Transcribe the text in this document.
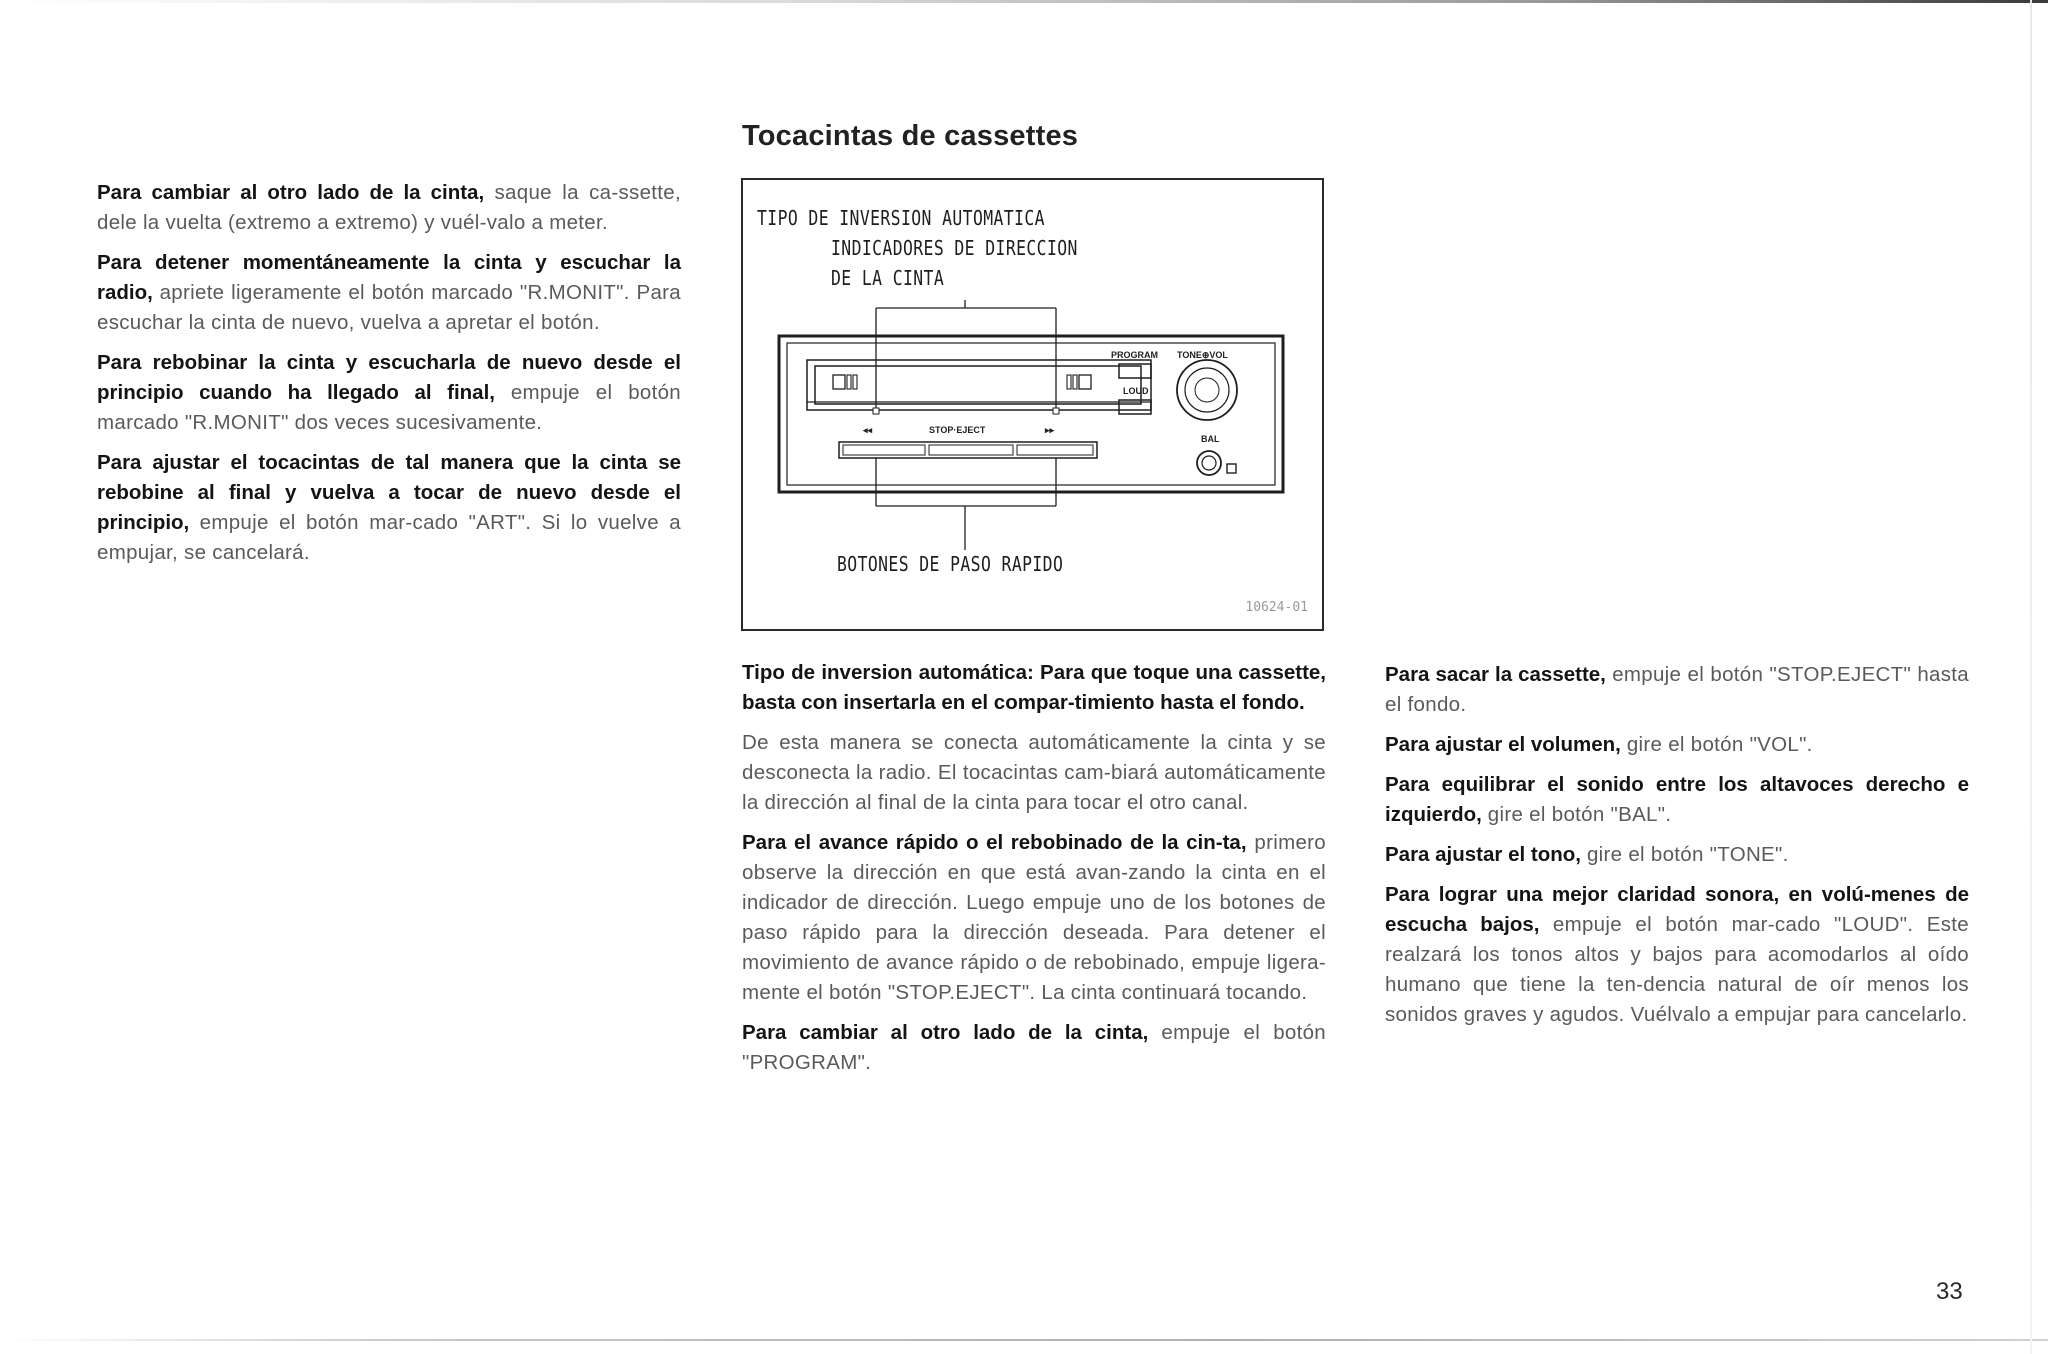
Para cambiar al otro lado de la cinta, saque la ca-ssette, dele la vuelta (extremo a extremo) y vuél-valo a meter.

Para detener momentáneamente la cinta y escuchar la radio, apriete ligeramente el botón marcado "R.MONIT". Para escuchar la cinta de nuevo, vuelva a apretar el botón.

Para rebobinar la cinta y escucharla de nuevo desde el principio cuando ha llegado al final, empuje el botón marcado "R.MONIT" dos veces sucesivamente.

Para ajustar el tocacintas de tal manera que la cinta se rebobine al final y vuelva a tocar de nuevo desde el principio, empuje el botón mar-cado "ART". Si lo vuelve a empujar, se cancelará.

Tocacintas de cassettes
◂◂	STOP·EJECT	▸▸
PROGRAM TONE⊕VOL
LOUD
BAL
TIPO DE INVERSION AUTOMATICA
INDICADORES DE DIRECCION
DE LA CINTA
BOTONES DE PASO RAPIDO
10624-01

Tipo de inversion automática: Para que toque una cassette, basta con insertarla en el compar-timiento hasta el fondo.

De esta manera se conecta automáticamente la cinta y se desconecta la radio. El tocacintas cam-biará automáticamente la dirección al final de la cinta para tocar el otro canal.

Para el avance rápido o el rebobinado de la cin-ta, primero observe la dirección en que está avan-zando la cinta en el indicador de dirección. Luego empuje uno de los botones de paso rápido para la dirección deseada. Para detener el movimiento de avance rápido o de rebobinado, empuje ligera-mente el botón "STOP.EJECT". La cinta continuará tocando.

Para cambiar al otro lado de la cinta, empuje el botón "PROGRAM".

Para sacar la cassette, empuje el botón "STOP.EJECT" hasta el fondo.

Para ajustar el volumen, gire el botón "VOL".

Para equilibrar el sonido entre los altavoces derecho e izquierdo, gire el botón "BAL".

Para ajustar el tono, gire el botón "TONE".

Para lograr una mejor claridad sonora, en volú-menes de escucha bajos, empuje el botón mar-cado "LOUD". Este realzará los tonos altos y bajos para acomodarlos al oído humano que tiene la ten-dencia natural de oír menos los sonidos graves y agudos. Vuélvalo a empujar para cancelarlo.

33
